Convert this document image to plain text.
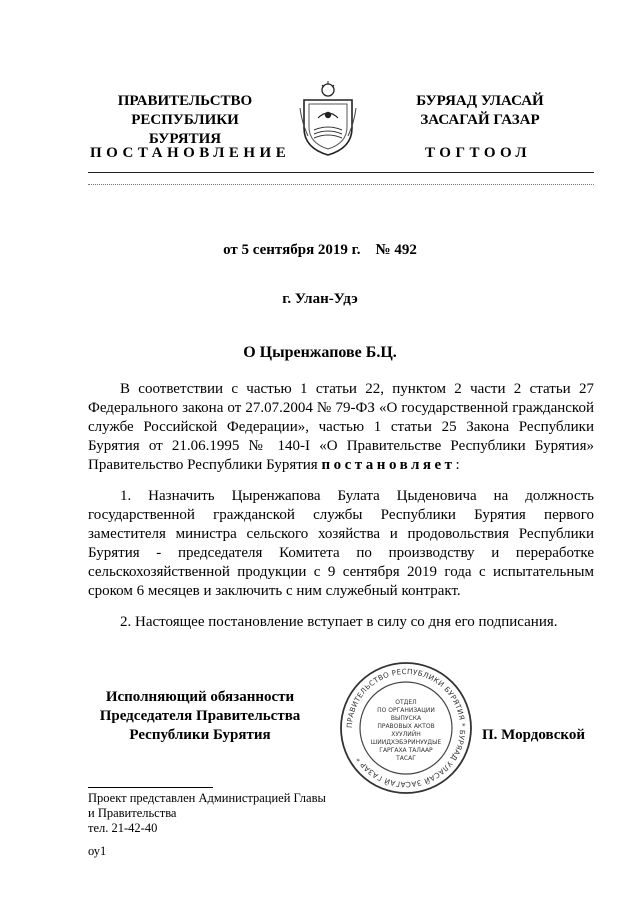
ПРАВИТЕЛЬСТВО
РЕСПУБЛИКИ БУРЯТИЯ
БУРЯАД УЛАСАЙ
ЗАСАГАЙ ГАЗАР
ПОСТАНОВЛЕНИЕ	ТОГТООЛ
от 5 сентября 2019 г.    № 492
г. Улан-Удэ
О Цыренжапове Б.Ц.

В соответствии с частью 1 статьи 22, пунктом 2 части 2 статьи 27 Федерального закона от 27.07.2004 № 79-ФЗ «О государственной гражданской службе Российской Федерации», частью 1 статьи 25 Закона Республики Бурятия от 21.06.1995 № 140-I «О Правительстве Республики Бурятия» Правительство Республики Бурятия постановляет:

1. Назначить Цыренжапова Булата Цыденовича на должность государственной гражданской службы Республики Бурятия первого заместителя министра сельского хозяйства и продовольствия Республики Бурятия - председателя Комитета по производству и переработке сельскохозяйственной продукции с 9 сентября 2019 года с испытательным сроком 6 месяцев и заключить с ним служебный контракт.

2. Настоящее постановление вступает в силу со дня его подписания.

Исполняющий обязанности
Председателя Правительства
Республики Бурятия	П. Мордовской
ПРАВИТЕЛЬСТВО РЕСПУБЛИКИ БУРЯТИЯ * БУРЯАД УЛАСАЙ ЗАСАГАЙ ГАЗАР *
ОТДЕЛ
ПО ОРГАНИЗАЦИИ
ВЫПУСКА
ПРАВОВЫХ АКТОВ
ХУУЛИЙН
ШИИДХЭБЭРИНУУДЫЕ
ГАРГАХА ТАЛААР
ТАСАГ
Проект представлен Администрацией Главы
и Правительства
тел. 21-42-40
оу1
